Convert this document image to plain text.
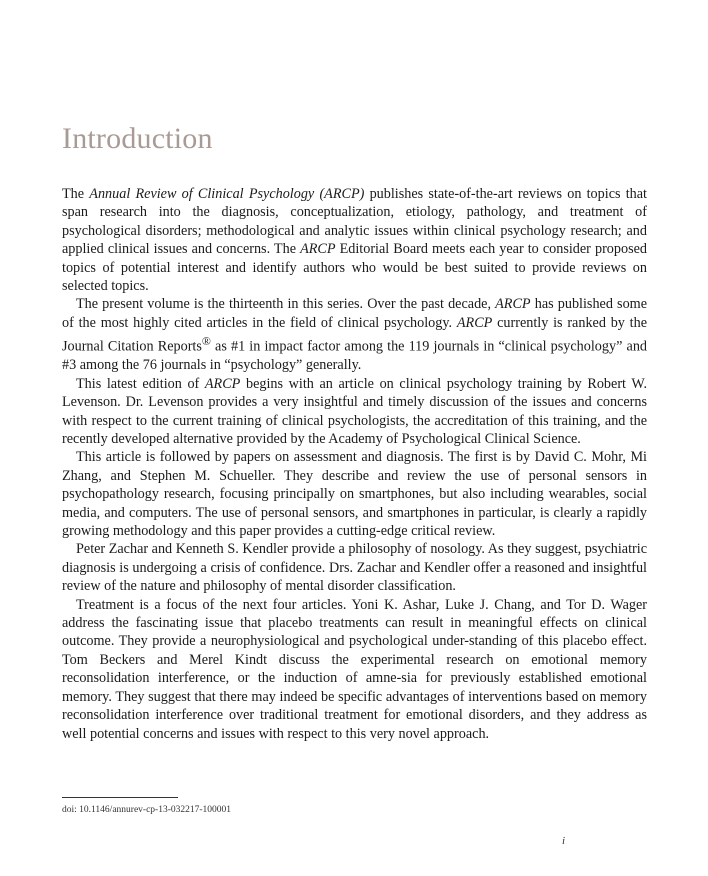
Introduction

The Annual Review of Clinical Psychology (ARCP) publishes state-of-the-art reviews on topics that span research into the diagnosis, conceptualization, etiology, pathology, and treatment of psychological disorders; methodological and analytic issues within clinical psychology research; and applied clinical issues and concerns. The ARCP Editorial Board meets each year to consider proposed topics of potential interest and identify authors who would be best suited to provide reviews on selected topics.

The present volume is the thirteenth in this series. Over the past decade, ARCP has published some of the most highly cited articles in the field of clinical psychology. ARCP currently is ranked by the Journal Citation Reports® as #1 in impact factor among the 119 journals in “clinical psychology” and #3 among the 76 journals in “psychology” generally.

This latest edition of ARCP begins with an article on clinical psychology training by Robert W. Levenson. Dr. Levenson provides a very insightful and timely discussion of the issues and concerns with respect to the current training of clinical psychologists, the accreditation of this training, and the recently developed alternative provided by the Academy of Psychological Clinical Science.

This article is followed by papers on assessment and diagnosis. The first is by David C. Mohr, Mi Zhang, and Stephen M. Schueller. They describe and review the use of personal sensors in psychopathology research, focusing principally on smartphones, but also including wearables, social media, and computers. The use of personal sensors, and smartphones in particular, is clearly a rapidly growing methodology and this paper provides a cutting-edge critical review.

Peter Zachar and Kenneth S. Kendler provide a philosophy of nosology. As they suggest, psychiatric diagnosis is undergoing a crisis of confidence. Drs. Zachar and Kendler offer a reasoned and insightful review of the nature and philosophy of mental disorder classification.

Treatment is a focus of the next four articles. Yoni K. Ashar, Luke J. Chang, and Tor D. Wager address the fascinating issue that placebo treatments can result in meaningful effects on clinical outcome. They provide a neurophysiological and psychological under-standing of this placebo effect. Tom Beckers and Merel Kindt discuss the experimental research on emotional memory reconsolidation interference, or the induction of amne-sia for previously established emotional memory. They suggest that there may indeed be specific advantages of interventions based on memory reconsolidation interference over traditional treatment for emotional disorders, and they address as well potential concerns and issues with respect to this very novel approach.

doi: 10.1146/annurev-cp-13-032217-100001
i
